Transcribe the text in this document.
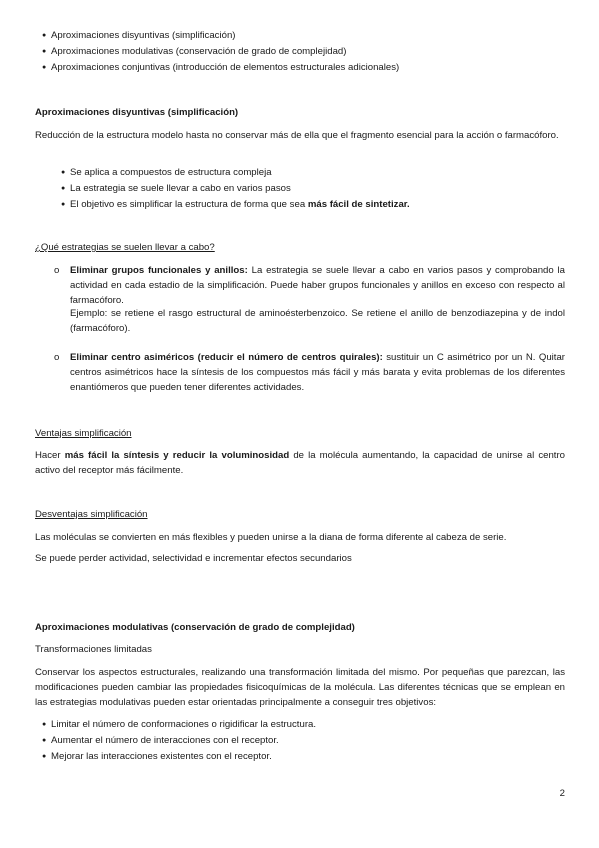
● Aproximaciones disyuntivas (simplificación)
● Aproximaciones modulativas (conservación de grado de complejidad)
● Aproximaciones conjuntivas (introducción de elementos estructurales adicionales)
Aproximaciones disyuntivas (simplificación)
Reducción de la estructura modelo hasta no conservar más de ella que el fragmento esencial para la acción o farmacóforo.
● Se aplica a compuestos de estructura compleja
● La estrategia se suele llevar a cabo en varios pasos
● El objetivo es simplificar la estructura de forma que sea más fácil de sintetizar.
¿Qué estrategias se suelen llevar a cabo?
o Eliminar grupos funcionales y anillos: La estrategia se suele llevar a cabo en varios pasos y comprobando la actividad en cada estadio de la simplificación. Puede haber grupos funcionales y anillos en exceso con respecto al farmacóforo.
Ejemplo: se retiene el rasgo estructural de aminoésterbenzoico. Se retiene el anillo de benzodiazepina y de indol (farmacóforo).
o Eliminar centro asiméricos (reducir el número de centros quirales): sustituir un C asimétrico por un N. Quitar centros asimétricos hace la síntesis de los compuestos más fácil y más barata y evita problemas de los diferentes enantiómeros que pueden tener diferentes actividades.
Ventajas simplificación
Hacer más fácil la síntesis y reducir la voluminosidad de la molécula aumentando, la capacidad de unirse al centro activo del receptor más fácilmente.
Desventajas simplificación
Las moléculas se convierten en más flexibles y pueden unirse a la diana de forma diferente al cabeza de serie.
Se puede perder actividad, selectividad e incrementar efectos secundarios
Aproximaciones modulativas (conservación de grado de complejidad)
Transformaciones limitadas
Conservar los aspectos estructurales, realizando una transformación limitada del mismo. Por pequeñas que parezcan, las modificaciones pueden cambiar las propiedades fisicoquímicas de la molécula. Las diferentes técnicas que se emplean en las estrategias modulativas pueden estar orientadas principalmente a conseguir tres objetivos:
● Limitar el número de conformaciones o rigidificar la estructura.
● Aumentar el número de interacciones con el receptor.
● Mejorar las interacciones existentes con el receptor.
2
